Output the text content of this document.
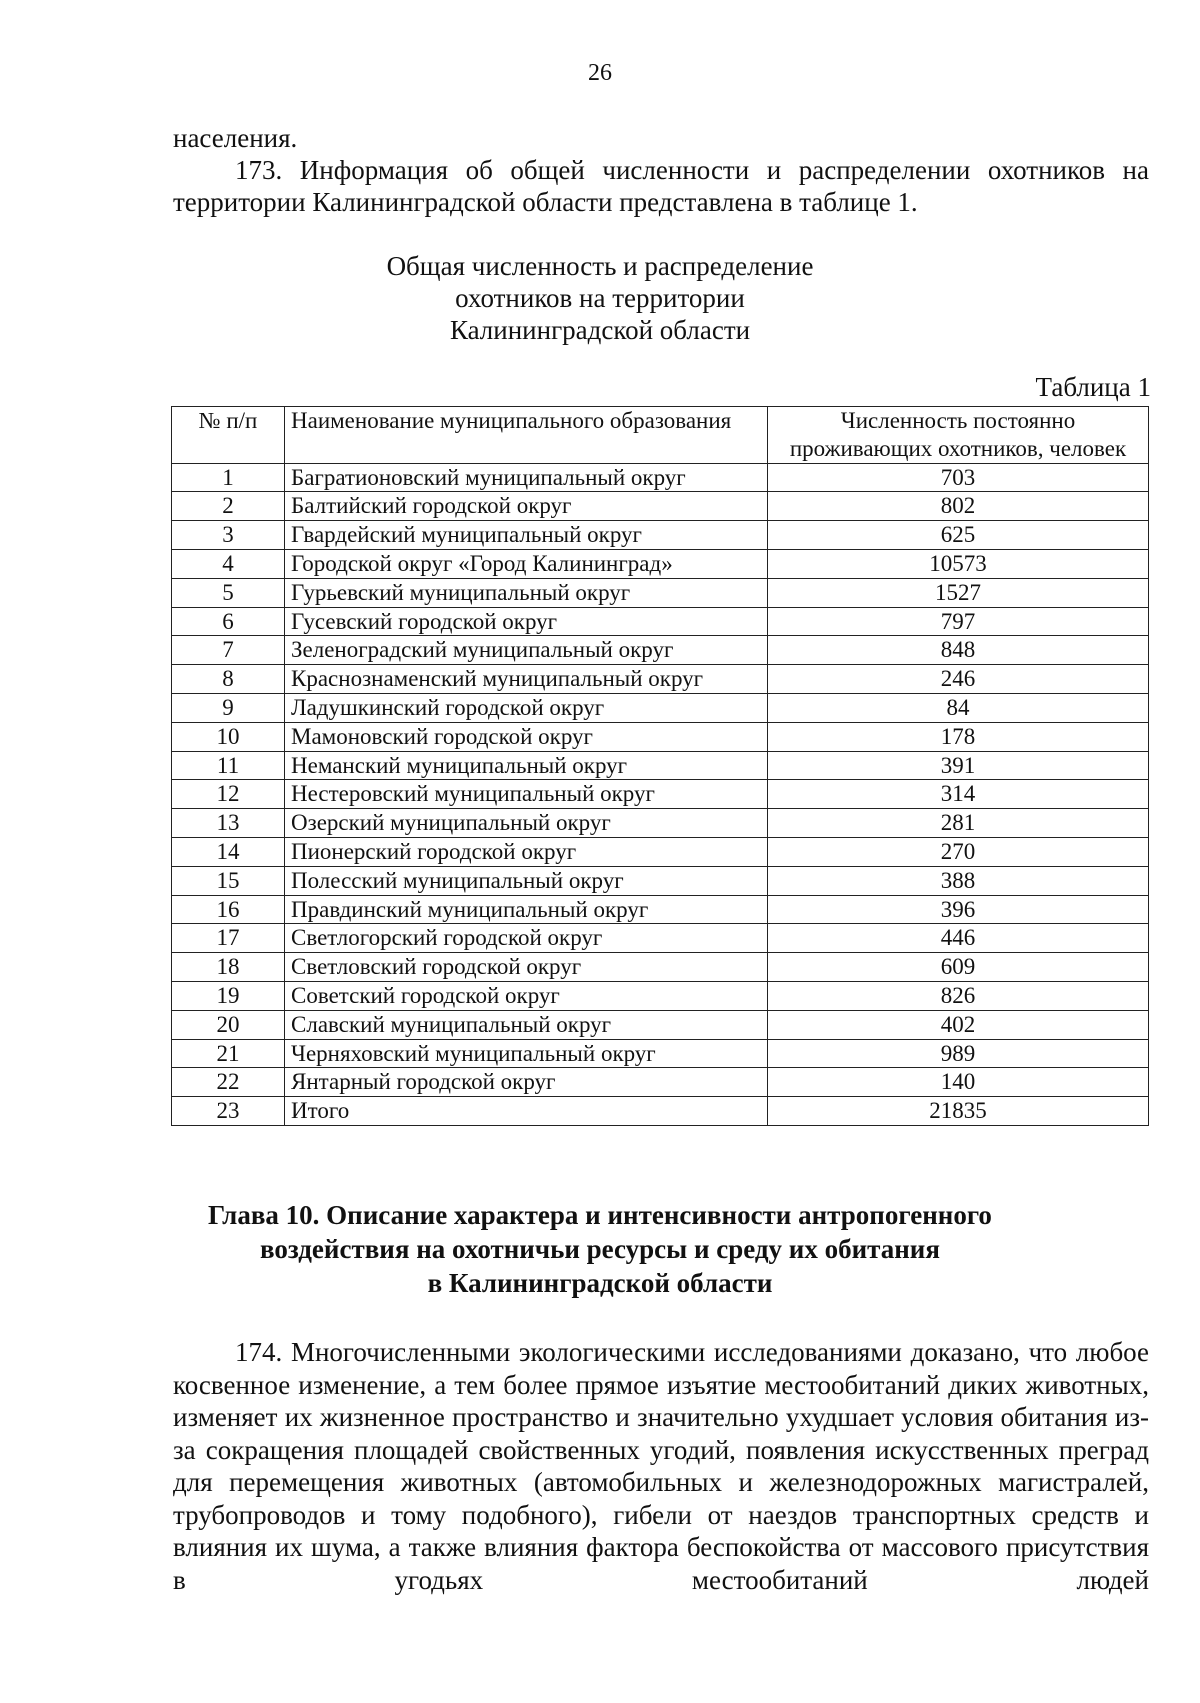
26
населения.
173. Информация об общей численности и распределении охотников на территории Калининградской области представлена в таблице 1.
Общая численность и распределение
охотников на территории
Калининградской области
Таблица 1
№ п/п	Наименование муниципального образования	Численность постоянно проживающих охотников, человек
1	Багратионовский муниципальный округ	703
2	Балтийский городской округ	802
3	Гвардейский муниципальный округ	625
4	Городской округ «Город Калининград»	10573
5	Гурьевский муниципальный округ	1527
6	Гусевский городской округ	797
7	Зеленоградский муниципальный округ	848
8	Краснознаменский муниципальный округ	246
9	Ладушкинский городской округ	84
10	Мамоновский городской округ	178
11	Неманский муниципальный округ	391
12	Нестеровский муниципальный округ	314
13	Озерский муниципальный округ	281
14	Пионерский городской округ	270
15	Полесский муниципальный округ	388
16	Правдинский муниципальный округ	396
17	Светлогорский городской округ	446
18	Светловский городской округ	609
19	Советский городской округ	826
20	Славский муниципальный округ	402
21	Черняховский муниципальный округ	989
22	Янтарный городской округ	140
23	Итого	21835
Глава 10. Описание характера и интенсивности антропогенного
воздействия на охотничьи ресурсы и среду их обитания
в Калининградской области
174. Многочисленными экологическими исследованиями доказано, что любое косвенное изменение, а тем более прямое изъятие местообитаний диких животных, изменяет их жизненное пространство и значительно ухудшает условия обитания из-за сокращения площадей свойственных угодий, появления искусственных преград для перемещения животных (автомобильных и железнодорожных магистралей, трубопроводов и тому подобного), гибели от наездов транспортных средств и влияния их шума, а также влияния фактора беспокойства от массового присутствия в угодьях местообитаний людей
